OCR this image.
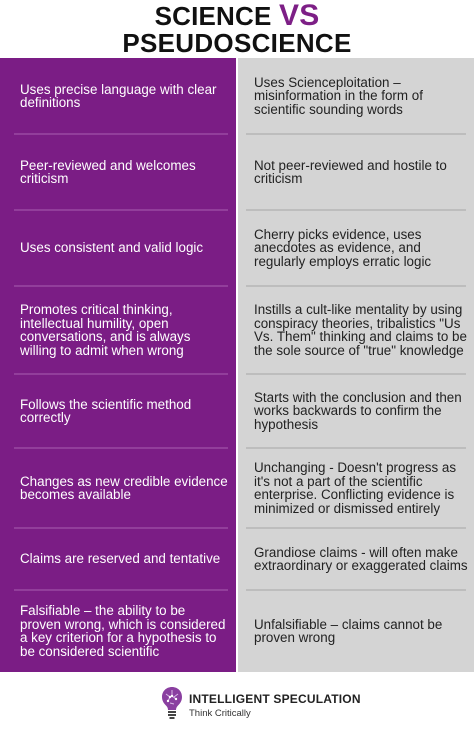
SCIENCE VS
PSEUDOSCIENCE
Uses precise language with clear definitions
Uses Scienceploitation – misinformation in the form of scientific sounding words
Peer-reviewed and welcomes criticism
Not peer-reviewed and hostile to criticism
Uses consistent and valid logic
Cherry picks evidence, uses anecdotes as evidence, and regularly employs erratic logic
Promotes critical thinking, intellectual humility, open conversations, and is always willing to admit when wrong
Instills a cult-like mentality by using conspiracy theories, tribalistics "Us Vs. Them" thinking and claims to be the sole source of "true" knowledge
Follows the scientific method correctly
Starts with the conclusion and then works backwards to confirm the hypothesis
Changes as new credible evidence becomes available
Unchanging - Doesn't progress as it's not a part of the scientific enterprise. Conflicting evidence is minimized or dismissed entirely
Claims are reserved and tentative	Grandiose claims - will often make extraordinary or exaggerated claims
Falsifiable – the ability to be proven wrong, which is considered a key criterion for a hypothesis to be considered scientific
Unfalsifiable – claims cannot be proven wrong
INTELLIGENT SPECULATION
Think Critically
